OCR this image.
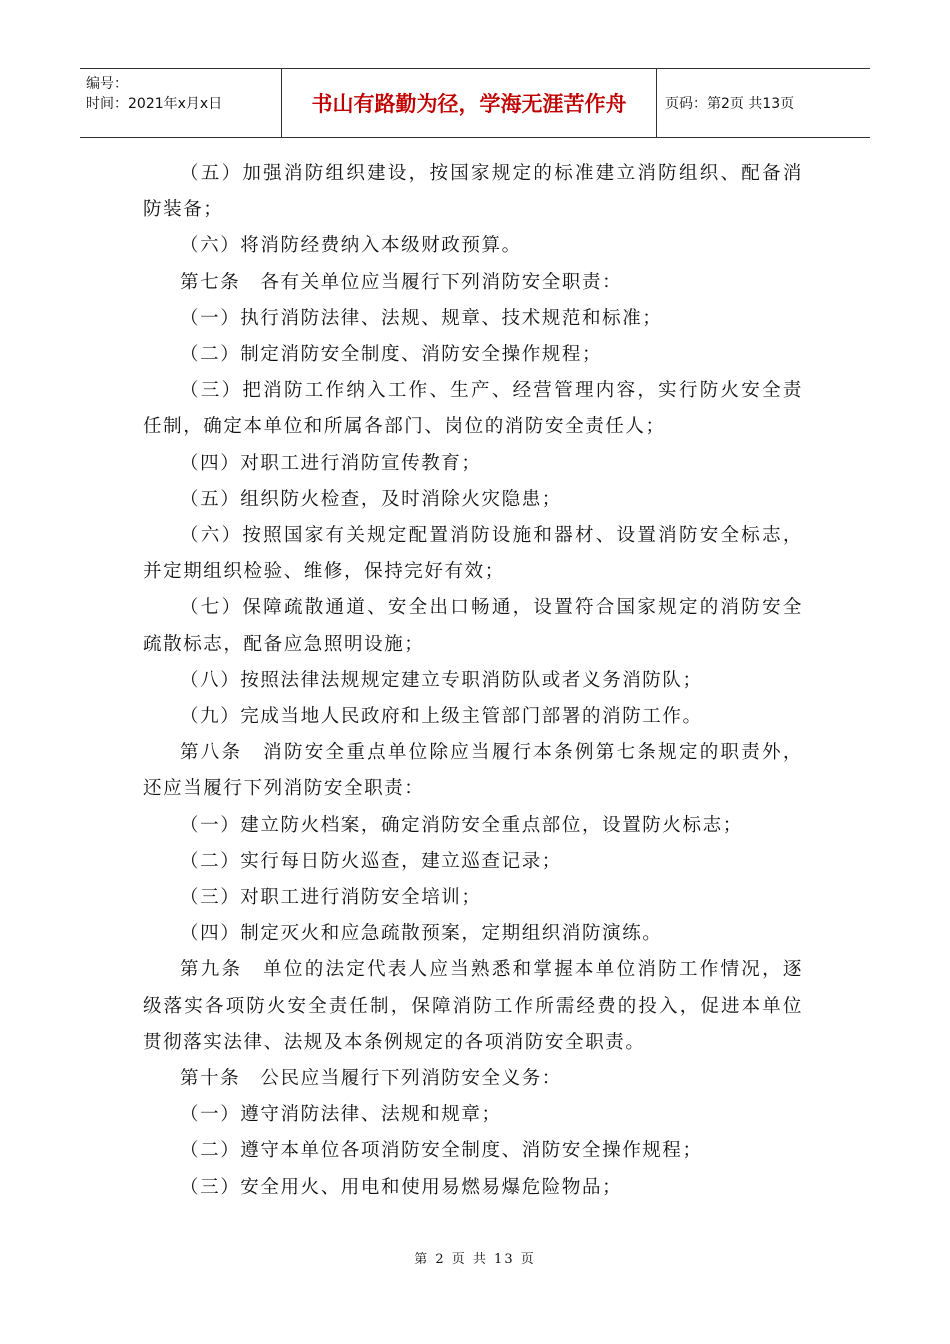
编号：
时间：2021年x月x日	书山有路勤为径，学海无涯苦作舟	页码：第2页 共13页

（五）加强消防组织建设，按国家规定的标准建立消防组织、配备消防装备；

（六）将消防经费纳入本级财政预算。

第七条　各有关单位应当履行下列消防安全职责：

（一）执行消防法律、法规、规章、技术规范和标准；

（二）制定消防安全制度、消防安全操作规程；

（三）把消防工作纳入工作、生产、经营管理内容，实行防火安全责任制，确定本单位和所属各部门、岗位的消防安全责任人；

（四）对职工进行消防宣传教育；

（五）组织防火检查，及时消除火灾隐患；

（六）按照国家有关规定配置消防设施和器材、设置消防安全标志，并定期组织检验、维修，保持完好有效；

（七）保障疏散通道、安全出口畅通，设置符合国家规定的消防安全疏散标志，配备应急照明设施；

（八）按照法律法规规定建立专职消防队或者义务消防队；

（九）完成当地人民政府和上级主管部门部署的消防工作。

第八条　消防安全重点单位除应当履行本条例第七条规定的职责外，还应当履行下列消防安全职责：

（一）建立防火档案，确定消防安全重点部位，设置防火标志；

（二）实行每日防火巡查，建立巡查记录；

（三）对职工进行消防安全培训；

（四）制定灭火和应急疏散预案，定期组织消防演练。

第九条　单位的法定代表人应当熟悉和掌握本单位消防工作情况，逐级落实各项防火安全责任制，保障消防工作所需经费的投入，促进本单位贯彻落实法律、法规及本条例规定的各项消防安全职责。

第十条　公民应当履行下列消防安全义务：

（一）遵守消防法律、法规和规章；

（二）遵守本单位各项消防安全制度、消防安全操作规程；

（三）安全用火、用电和使用易燃易爆危险物品；

第 2 页 共 13 页
